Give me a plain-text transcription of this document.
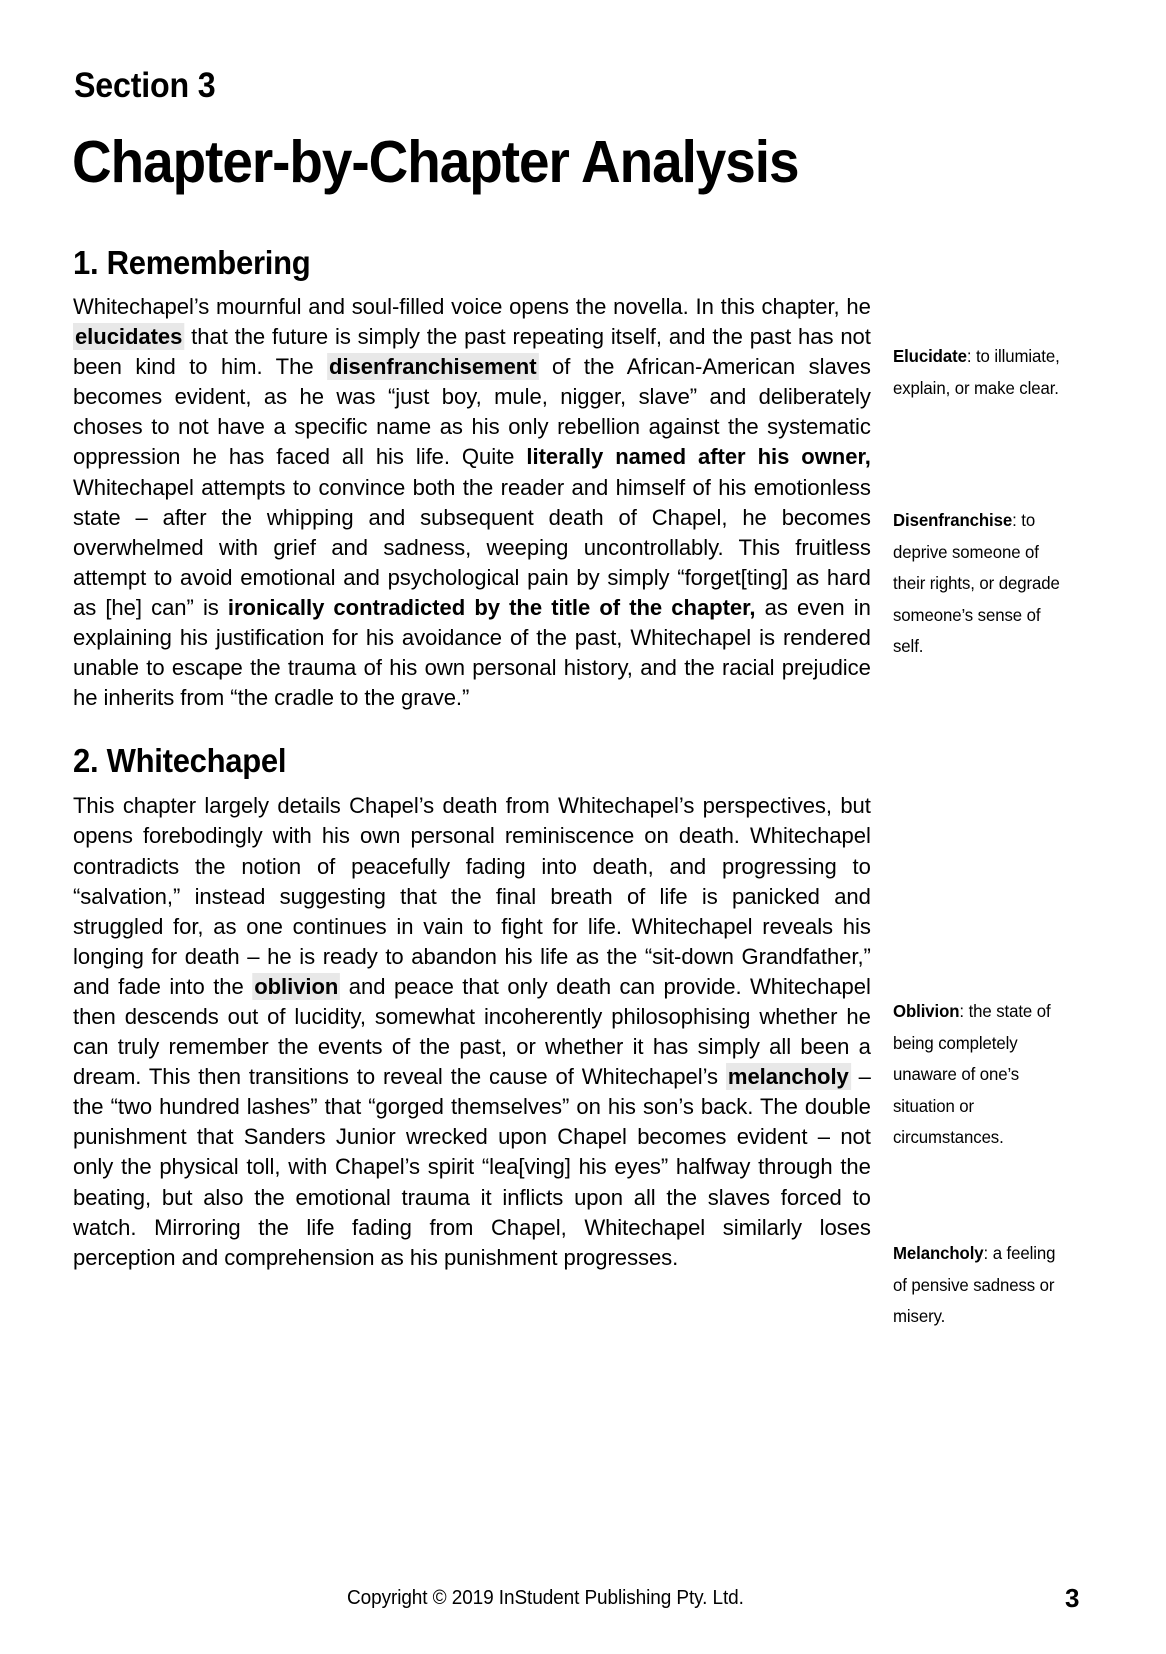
Section 3
Chapter-by-Chapter Analysis
1. Remembering

Whitechapel’s mournful and soul-filled voice opens the novella. In this chapter, he elucidates that the future is simply the past repeating itself, and the past has not been kind to him. The disenfranchisement of the African-American slaves becomes evident, as he was “just boy, mule, nigger, slave” and deliberately choses to not have a specific name as his only rebellion against the systematic oppression he has faced all his life. Quite literally named after his owner, Whitechapel attempts to convince both the reader and himself of his emotionless state – after the whipping and subsequent death of Chapel, he becomes overwhelmed with grief and sadness, weeping uncontrollably. This fruitless attempt to avoid emotional and psychological pain by simply “forget[ting] as hard as [he] can” is ironically contradicted by the title of the chapter, as even in explaining his justification for his avoidance of the past, Whitechapel is rendered unable to escape the trauma of his own personal history, and the racial prejudice he inherits from “the cradle to the grave.”

2. Whitechapel

This chapter largely details Chapel’s death from Whitechapel’s perspectives, but opens forebodingly with his own personal reminiscence on death. Whitechapel contradicts the notion of peacefully fading into death, and progressing to “salvation,” instead suggesting that the final breath of life is panicked and struggled for, as one continues in vain to fight for life. Whitechapel reveals his longing for death – he is ready to abandon his life as the “sit-down Grandfather,” and fade into the oblivion and peace that only death can provide. Whitechapel then descends out of lucidity, somewhat incoherently philosophising whether he can truly remember the events of the past, or whether it has simply all been a dream. This then transitions to reveal the cause of Whitechapel’s melancholy – the “two hundred lashes” that “gorged themselves” on his son’s back. The double punishment that Sanders Junior wrecked upon Chapel becomes evident – not only the physical toll, with Chapel’s spirit “lea[ving] his eyes” halfway through the beating, but also the emotional trauma it inflicts upon all the slaves forced to watch. Mirroring the life fading from Chapel, Whitechapel similarly loses perception and comprehension as his punishment progresses.

Elucidate: to illumiate, explain, or make clear.
Disenfranchise: to deprive someone of their rights, or degrade someone’s sense of self.
Oblivion: the state of being completely unaware of one’s situation or circumstances.
Melancholy: a feeling of pensive sadness or misery.
Copyright © 2019 InStudent Publishing Pty. Ltd.	3
